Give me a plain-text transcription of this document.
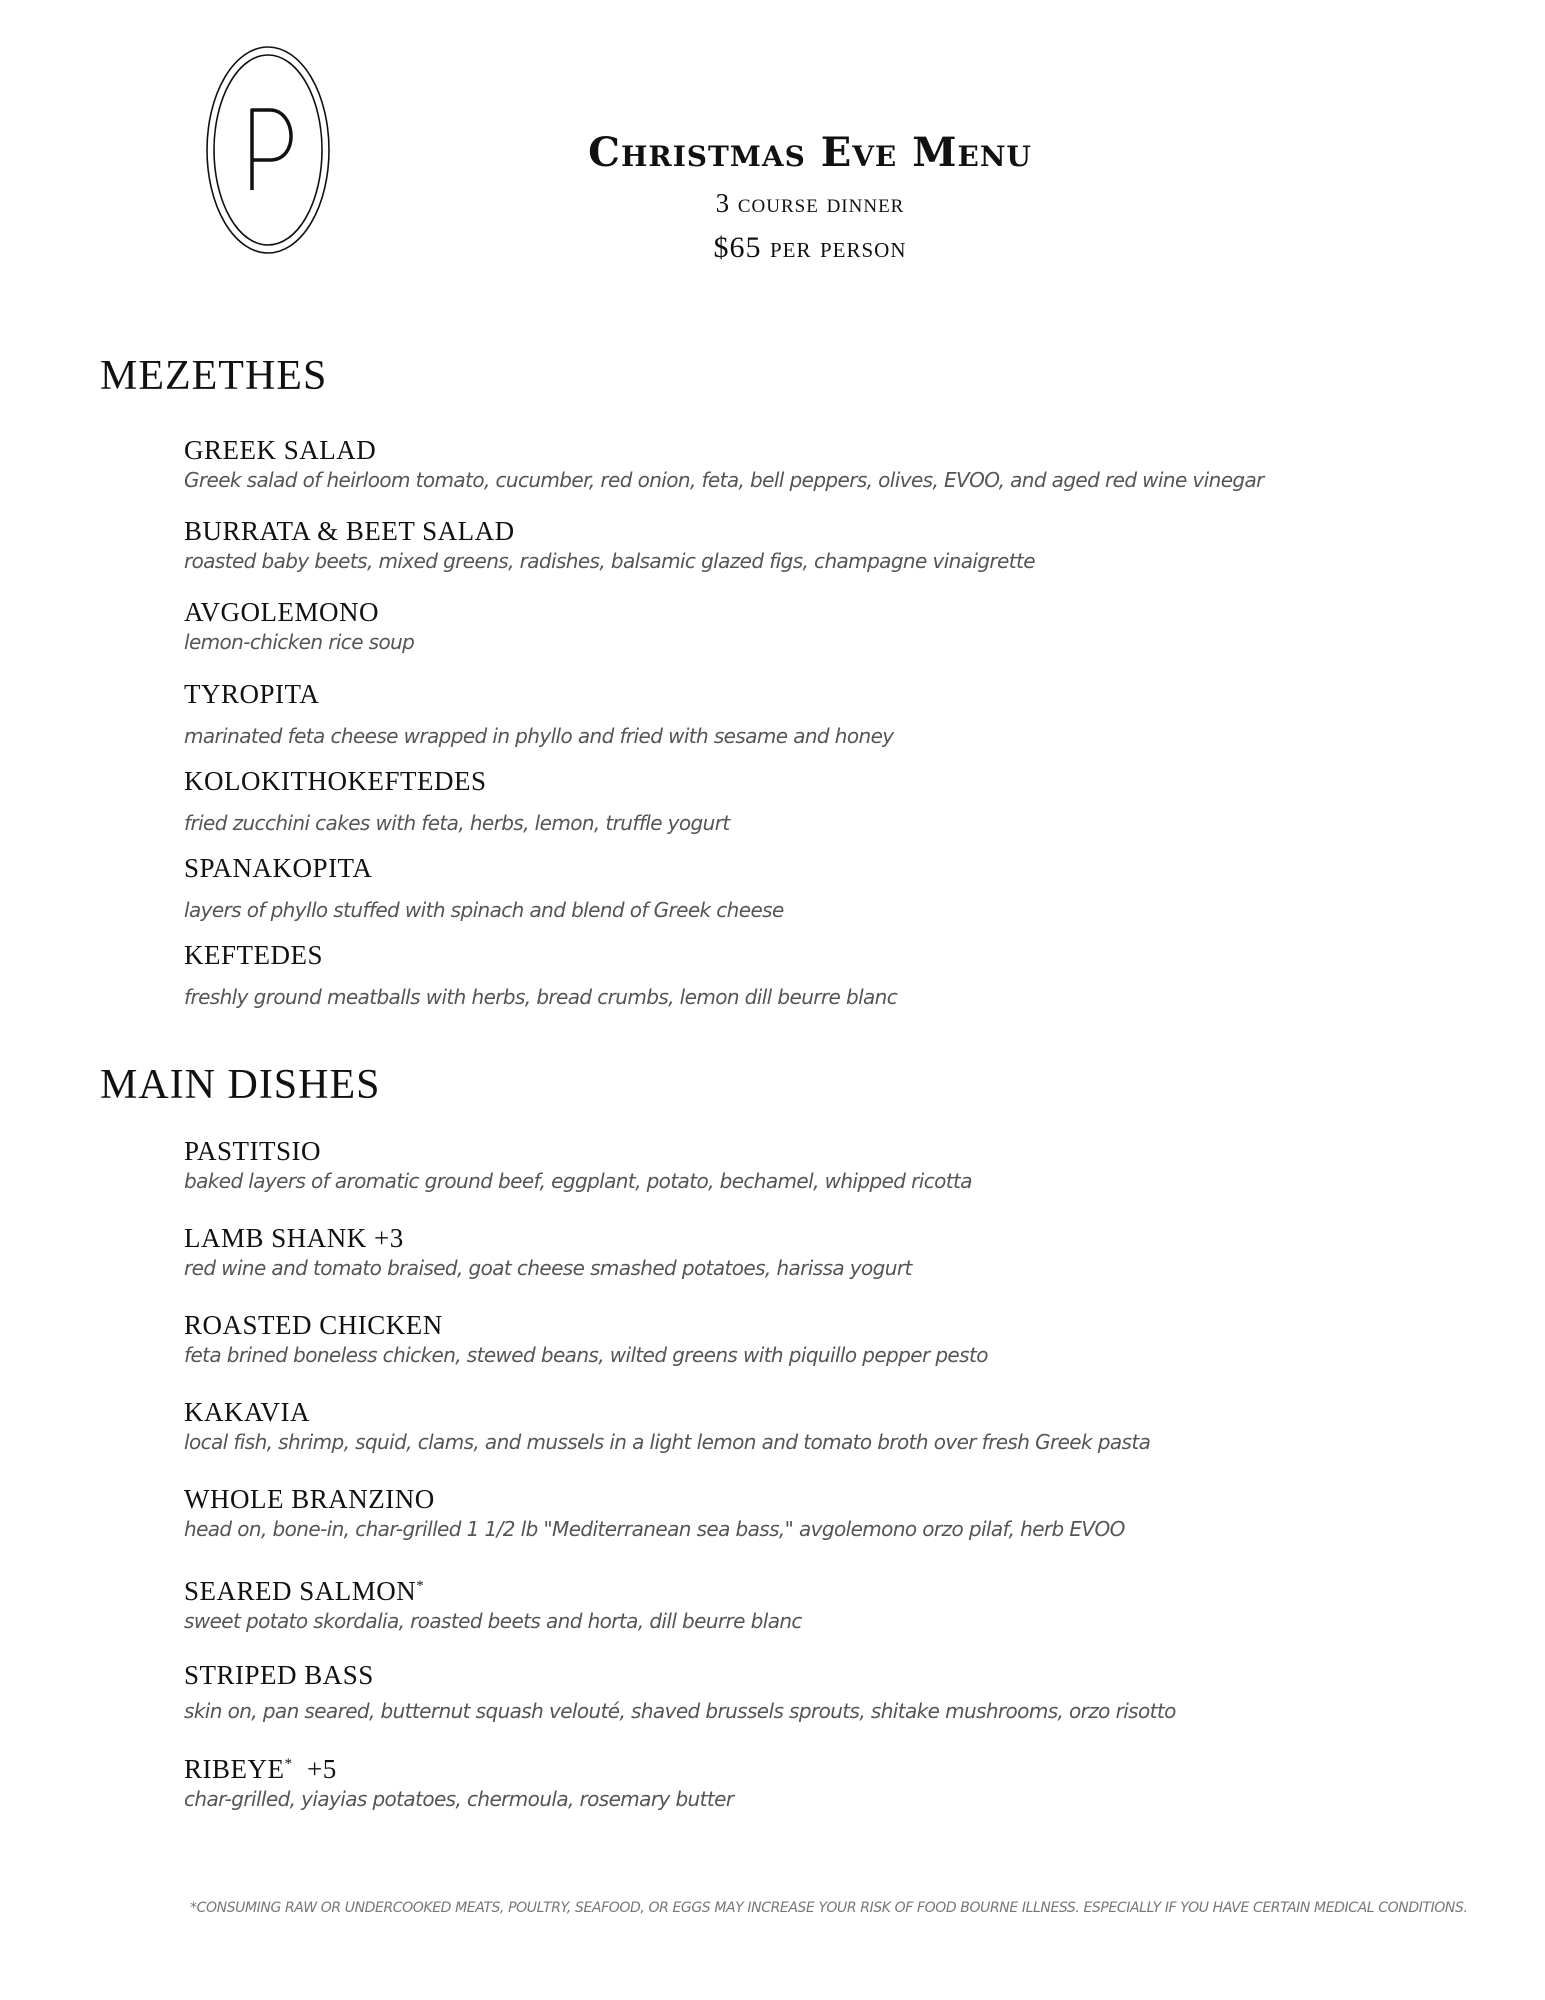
Christmas Eve Menu
3 course dinner
$65 per person
MEZETHES
GREEK SALAD
Greek salad of heirloom tomato, cucumber, red onion, feta, bell peppers, olives, EVOO, and aged red wine vinegar
BURRATA & BEET SALAD
roasted baby beets, mixed greens, radishes, balsamic glazed figs, champagne vinaigrette
AVGOLEMONO
lemon-chicken rice soup
TYROPITA
marinated feta cheese wrapped in phyllo and fried with sesame and honey
KOLOKITHOKEFTEDES
fried zucchini cakes with feta, herbs, lemon, truffle yogurt
SPANAKOPITA
layers of phyllo stuffed with spinach and blend of Greek cheese
KEFTEDES
freshly ground meatballs with herbs, bread crumbs, lemon dill beurre blanc
MAIN DISHES
PASTITSIO
baked layers of aromatic ground beef, eggplant, potato, bechamel, whipped ricotta
LAMB SHANK +3
red wine and tomato braised, goat cheese smashed potatoes, harissa yogurt
ROASTED CHICKEN
feta brined boneless chicken, stewed beans, wilted greens with piquillo pepper pesto
KAKAVIA
local fish, shrimp, squid, clams, and mussels in a light lemon and tomato broth over fresh Greek pasta
WHOLE BRANZINO
head on, bone-in, char-grilled 1 1/2 lb "Mediterranean sea bass," avgolemono orzo pilaf, herb EVOO
SEARED SALMON*
sweet potato skordalia, roasted beets and horta, dill beurre blanc
STRIPED BASS
skin on, pan seared, butternut squash velouté, shaved brussels sprouts, shitake mushrooms, orzo risotto
RIBEYE*  +5
char-grilled, yiayias potatoes, chermoula, rosemary butter
*CONSUMING RAW OR UNDERCOOKED MEATS, POULTRY, SEAFOOD, OR EGGS MAY INCREASE YOUR RISK OF FOOD BOURNE ILLNESS. ESPECIALLY IF YOU HAVE CERTAIN MEDICAL CONDITIONS.
